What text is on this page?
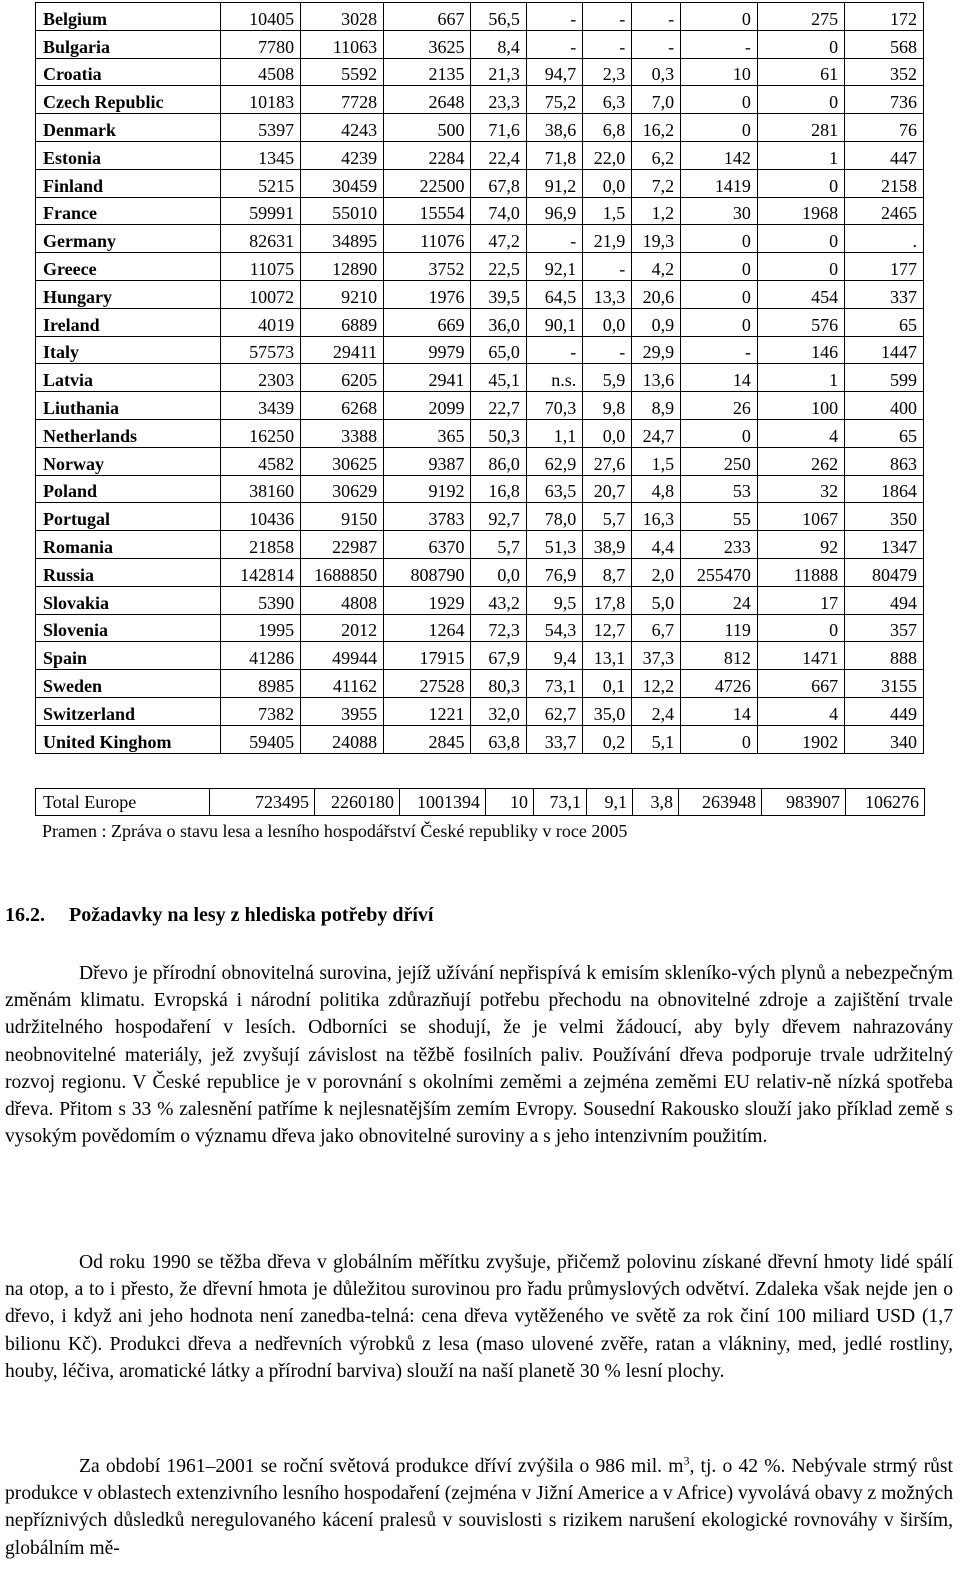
Belgium	10405	3028	667	56,5	-	-	-	0	275	172
Bulgaria	7780	11063	3625	8,4	-	-	-	-	0	568
Croatia	4508	5592	2135	21,3	94,7	2,3	0,3	10	61	352
Czech Republic	10183	7728	2648	23,3	75,2	6,3	7,0	0	0	736
Denmark	5397	4243	500	71,6	38,6	6,8	16,2	0	281	76
Estonia	1345	4239	2284	22,4	71,8	22,0	6,2	142	1	447
Finland	5215	30459	22500	67,8	91,2	0,0	7,2	1419	0	2158
France	59991	55010	15554	74,0	96,9	1,5	1,2	30	1968	2465
Germany	82631	34895	11076	47,2	-	21,9	19,3	0	0	.
Greece	11075	12890	3752	22,5	92,1	-	4,2	0	0	177
Hungary	10072	9210	1976	39,5	64,5	13,3	20,6	0	454	337
Ireland	4019	6889	669	36,0	90,1	0,0	0,9	0	576	65
Italy	57573	29411	9979	65,0	-	-	29,9	-	146	1447
Latvia	2303	6205	2941	45,1	n.s.	5,9	13,6	14	1	599
Liuthania	3439	6268	2099	22,7	70,3	9,8	8,9	26	100	400
Netherlands	16250	3388	365	50,3	1,1	0,0	24,7	0	4	65
Norway	4582	30625	9387	86,0	62,9	27,6	1,5	250	262	863
Poland	38160	30629	9192	16,8	63,5	20,7	4,8	53	32	1864
Portugal	10436	9150	3783	92,7	78,0	5,7	16,3	55	1067	350
Romania	21858	22987	6370	5,7	51,3	38,9	4,4	233	92	1347
Russia	142814	1688850	808790	0,0	76,9	8,7	2,0	255470	11888	80479
Slovakia	5390	4808	1929	43,2	9,5	17,8	5,0	24	17	494
Slovenia	1995	2012	1264	72,3	54,3	12,7	6,7	119	0	357
Spain	41286	49944	17915	67,9	9,4	13,1	37,3	812	1471	888
Sweden	8985	41162	27528	80,3	73,1	0,1	12,2	4726	667	3155
Switzerland	7382	3955	1221	32,0	62,7	35,0	2,4	14	4	449
United Kinghom	59405	24088	2845	63,8	33,7	0,2	5,1	0	1902	340
Total Europe	723495	2260180	1001394	10	73,1	9,1	3,8	263948	983907	106276
Pramen : Zpráva o stavu lesa a lesního hospodářství České republiky v roce 2005
16.2. Požadavky na lesy z hlediska potřeby dříví

Dřevo je přírodní obnovitelná surovina, jejíž užívání nepřispívá k emisím skleníko-vých plynů a nebezpečným změnám klimatu. Evropská i národní politika zdůrazňují potřebu přechodu na obnovitelné zdroje a zajištění trvale udržitelného hospodaření v lesích. Odborníci se shodují, že je velmi žádoucí, aby byly dřevem nahrazovány neobnovitelné materiály, jež zvyšují závislost na těžbě fosilních paliv. Používání dřeva podporuje trvale udržitelný rozvoj regionu. V České republice je v porovnání s okolními zeměmi a zejména zeměmi EU relativ-ně nízká spotřeba dřeva. Přitom s 33 % zalesnění patříme k nejlesnatějším zemím Evropy. Sousední Rakousko slouží jako příklad země s vysokým povědomím o významu dřeva jako obnovitelné suroviny a s jeho intenzivním použitím.

Od roku 1990 se těžba dřeva v globálním měřítku zvyšuje, přičemž polovinu získané dřevní hmoty lidé spálí na otop, a to i přesto, že dřevní hmota je důležitou surovinou pro řadu průmyslových odvětví. Zdaleka však nejde jen o dřevo, i když ani jeho hodnota není zanedba-telná: cena dřeva vytěženého ve světě za rok činí 100 miliard USD (1,7 bilionu Kč). Produkci dřeva a nedřevních výrobků z lesa (maso ulovené zvěře, ratan a vlákniny, med, jedlé rostliny, houby, léčiva, aromatické látky a přírodní barviva) slouží na naší planetě 30 % lesní plochy.

Za období 1961–2001 se roční světová produkce dříví zvýšila o 986 mil. $m^3$, tj. o 42 %. Nebývale strmý růst produkce v oblastech extenzivního lesního hospodaření (zejména v Jižní Americe a v Africe) vyvolává obavy z možných nepříznivých důsledků neregulovaného kácení pralesů v souvislosti s rizikem narušení ekologické rovnováhy v širším, globálním mě-
